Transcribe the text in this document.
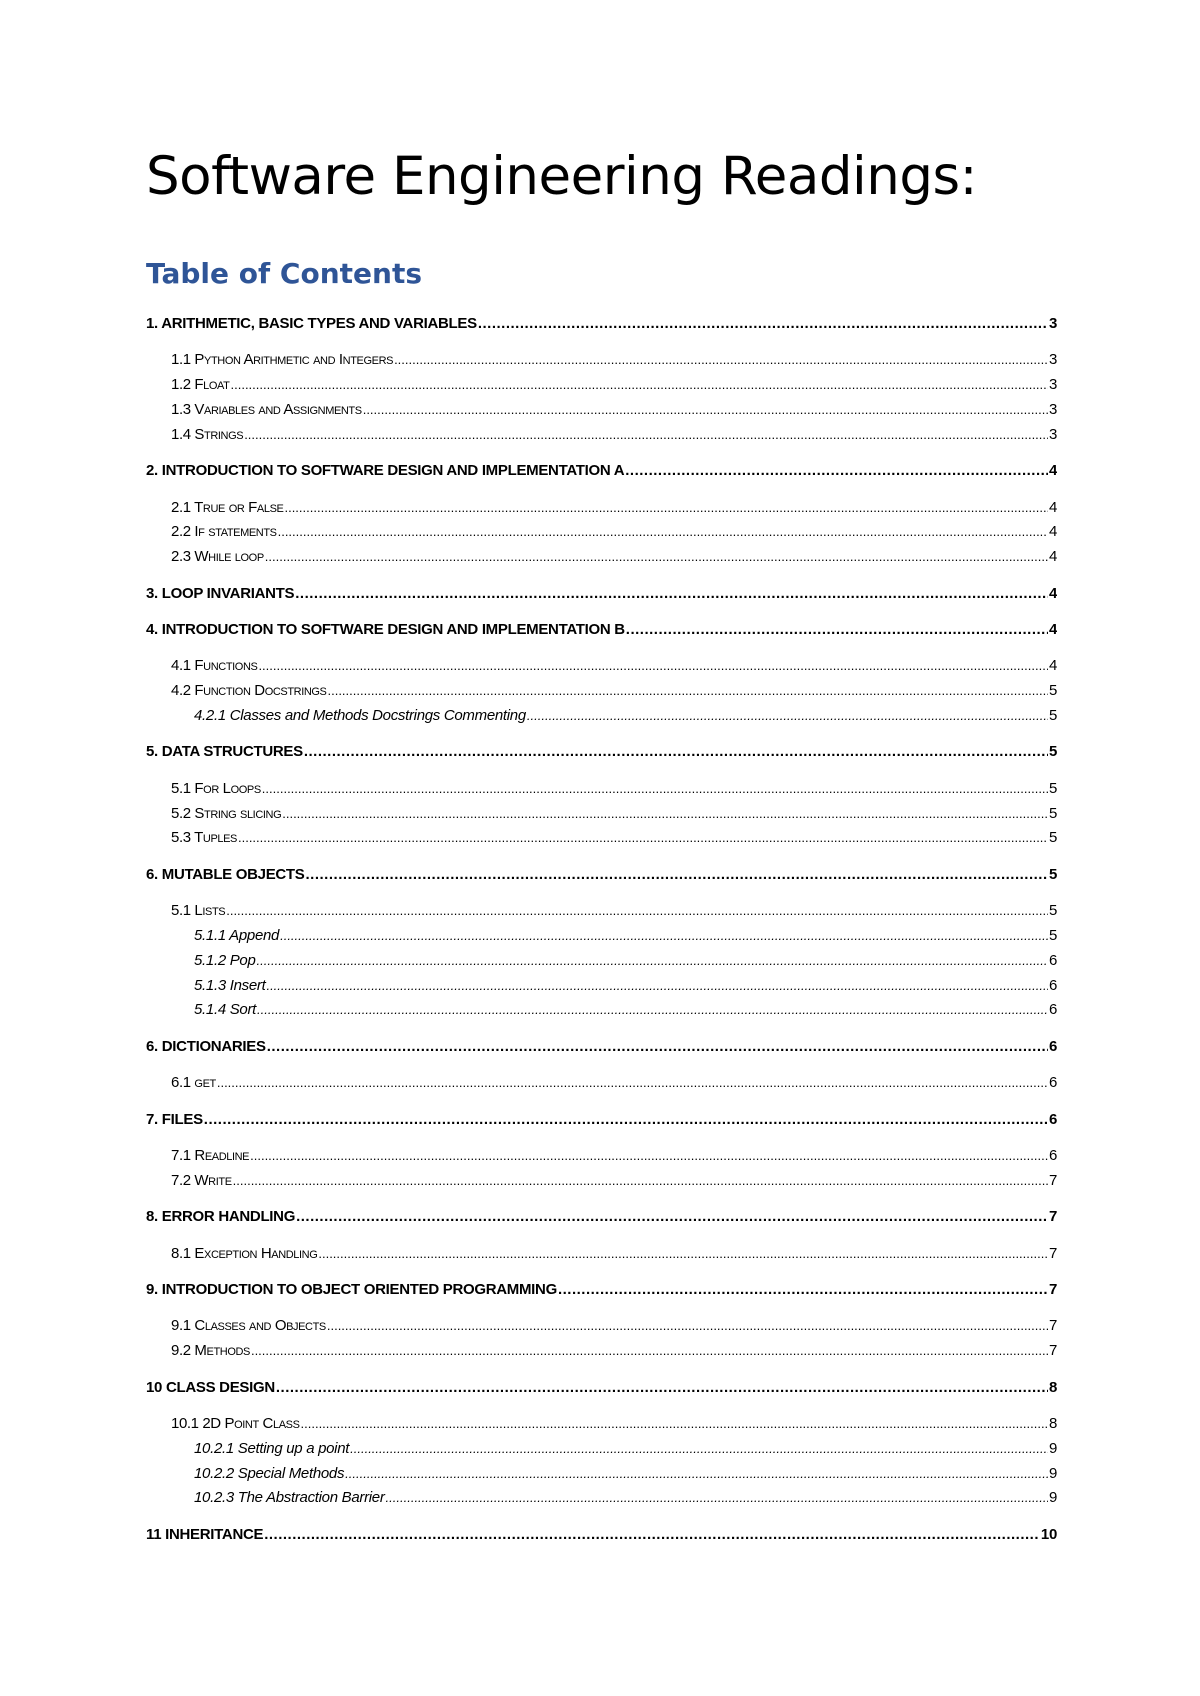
Software Engineering Readings:
Table of Contents
1. ARITHMETIC, BASIC TYPES AND VARIABLES .....	3
1.1 Python Arithmetic and Integers .....	3
1.2 Float .....	3
1.3 Variables and Assignments .....	3
1.4 Strings .....	3
2. INTRODUCTION TO SOFTWARE DESIGN AND IMPLEMENTATION A .....	4
2.1 True or False .....	4
2.2 If statements .....	4
2.3 While loop .....	4
3. LOOP INVARIANTS .....	4
4. INTRODUCTION TO SOFTWARE DESIGN AND IMPLEMENTATION B .....	4
4.1 Functions .....	4
4.2 Function Docstrings .....	5
4.2.1 Classes and Methods Docstrings Commenting .....	5
5. DATA STRUCTURES .....	5
5.1 For Loops .....	5
5.2 String slicing .....	5
5.3 Tuples .....	5
6. MUTABLE OBJECTS .....	5
5.1 Lists .....	5
5.1.1 Append .....	5
5.1.2 Pop .....	6
5.1.3 Insert .....	6
5.1.4 Sort .....	6
6. DICTIONARIES .....	6
6.1 get .....	6
7. FILES .....	6
7.1 Readline .....	6
7.2 Write .....	7
8. ERROR HANDLING .....	7
8.1 Exception Handling .....	7
9. INTRODUCTION TO OBJECT ORIENTED PROGRAMMING .....	7
9.1 Classes and Objects .....	7
9.2 Methods .....	7
10 CLASS DESIGN .....	8
10.1 2D Point Class .....	8
10.2.1 Setting up a point .....	9
10.2.2 Special Methods .....	9
10.2.3 The Abstraction Barrier .....	9
11 INHERITANCE .....	10
